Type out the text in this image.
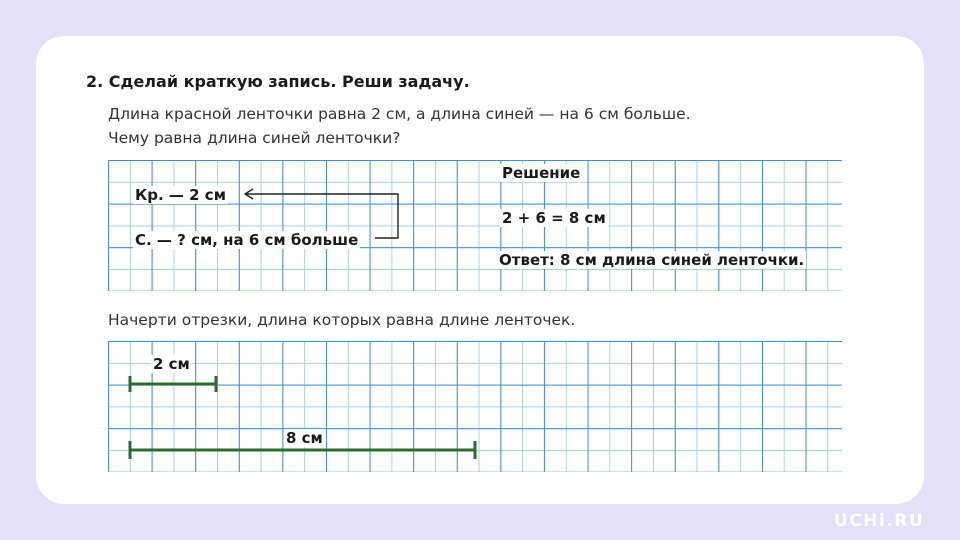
2. Сделай краткую запись. Реши задачу.
Длина красной ленточки равна 2 см, а длина синей — на 6 см больше.
Чему равна длина синей ленточки?
Начерти отрезки, длина которых равна длине ленточек.
Кр. — 2 см
С. — ? см, на 6 см больше
Решение
2 + 6 = 8 см
Ответ: 8 см длина синей ленточки.
2 см
8 см
UCHi.RU
